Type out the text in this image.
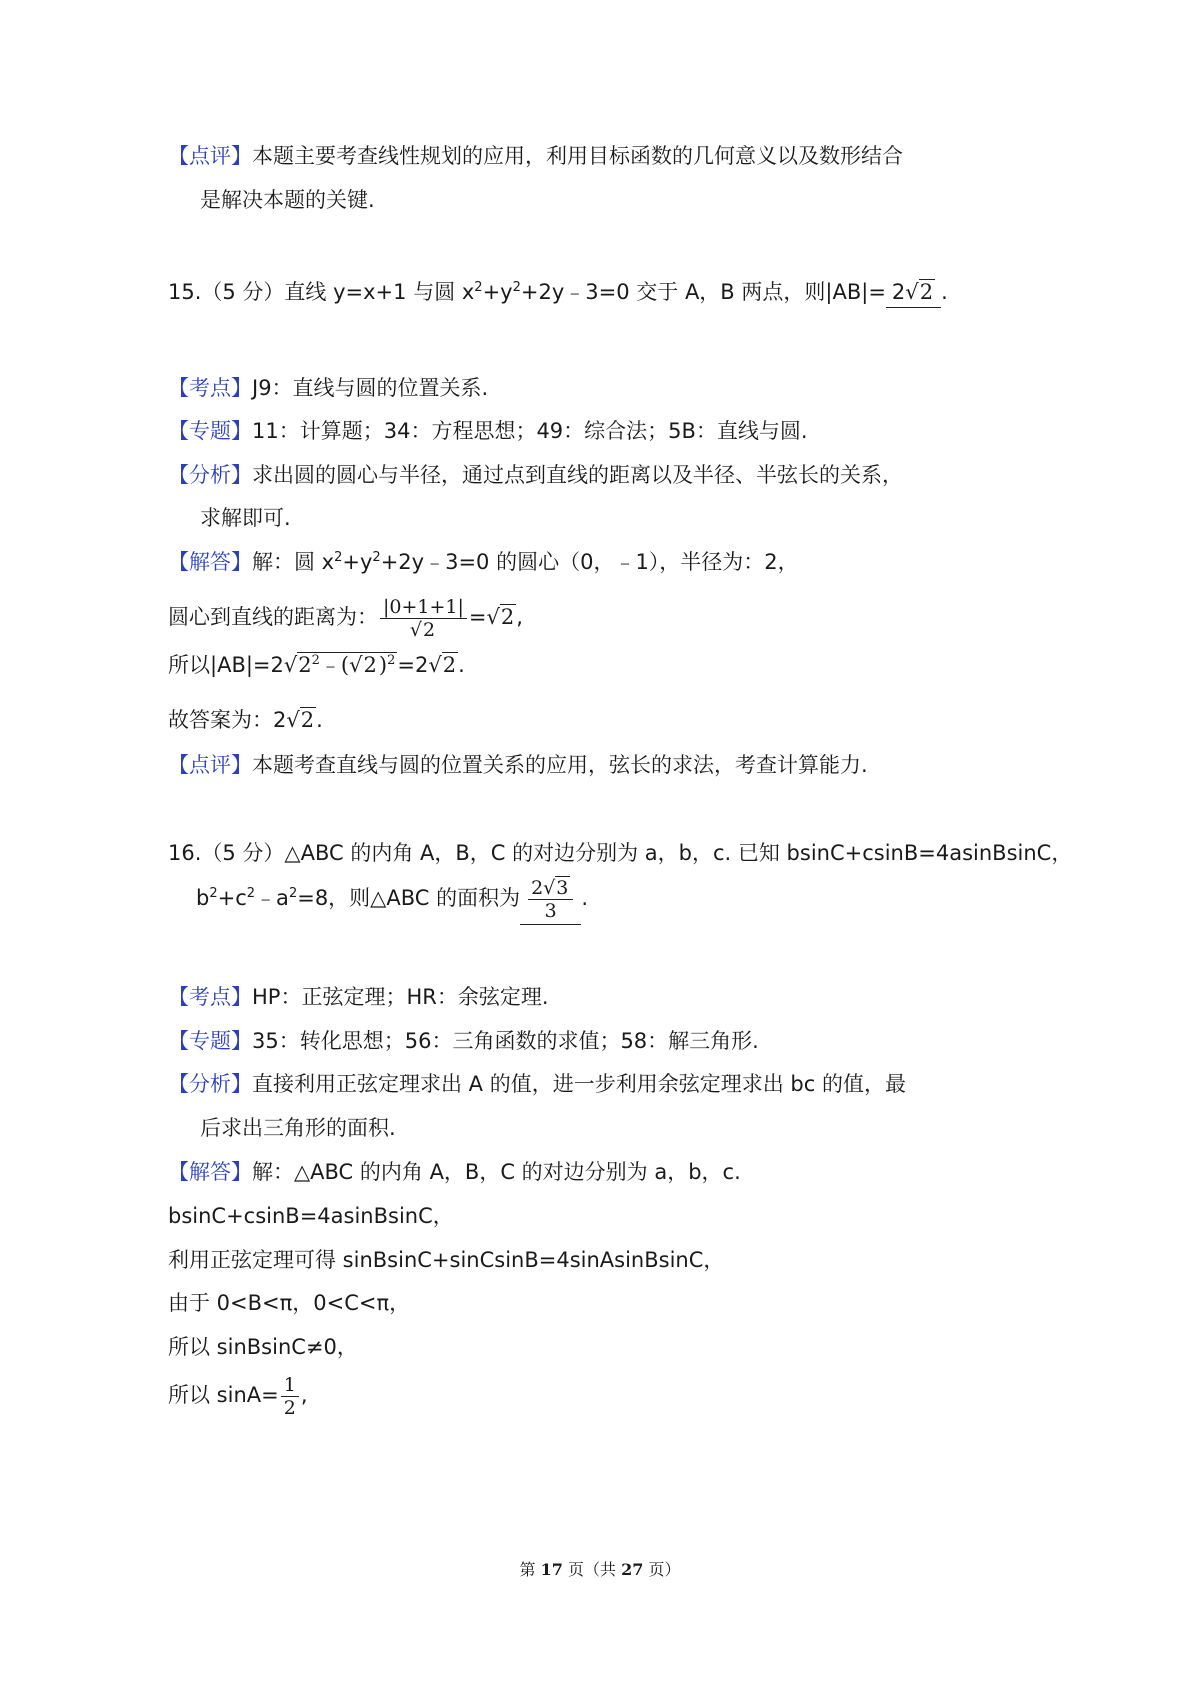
【点评】本题主要考查线性规划的应用，利用目标函数的几何意义以及数形结合
是解决本题的关键.
15.（5 分）直线 y=x+1 与圆 $x^2+y^2+2y﹣3=0$ 交于 A，B 两点，则|AB|= 2√2 .
【考点】J9：直线与圆的位置关系.
【专题】11：计算题；34：方程思想；49：综合法；5B：直线与圆.
【分析】求出圆的圆心与半径，通过点到直线的距离以及半径、半弦长的关系，
求解即可.
【解答】解：圆 $x^2+y^2+2y﹣3=0$ 的圆心（0，﹣1），半径为：2，
圆心到直线的距离为： $\frac{|0+1+1|}{√2} =√2$,
所以$|AB|=2√2^2﹣(√2)^2=2√2$.
故答案为：2√2.
【点评】本题考查直线与圆的位置关系的应用，弦长的求法，考查计算能力.
16.（5 分）△ABC 的内角 A，B，C 的对边分别为 a，b，c. 已知 bsinC+csinB=4asinBsinC，
$b^2+c^2﹣a^2=8$，则△ABC 的面积为 $\frac{2√3}{3}$ .
【考点】HP：正弦定理；HR：余弦定理.
【专题】35：转化思想；56：三角函数的求值；58：解三角形.
【分析】直接利用正弦定理求出 A 的值，进一步利用余弦定理求出 bc 的值，最
后求出三角形的面积.
【解答】解：△ABC 的内角 A，B，C 的对边分别为 a，b，c.
bsinC+csinB=4asinBsinC，
利用正弦定理可得 sinBsinC+sinCsinB=4sinAsinBsinC，
由于 0<B<π，0<C<π，
所以 sinBsinC≠0，
所以 $\sin A= \frac{1}{2}$ ,
第 17 页（共 27 页）
